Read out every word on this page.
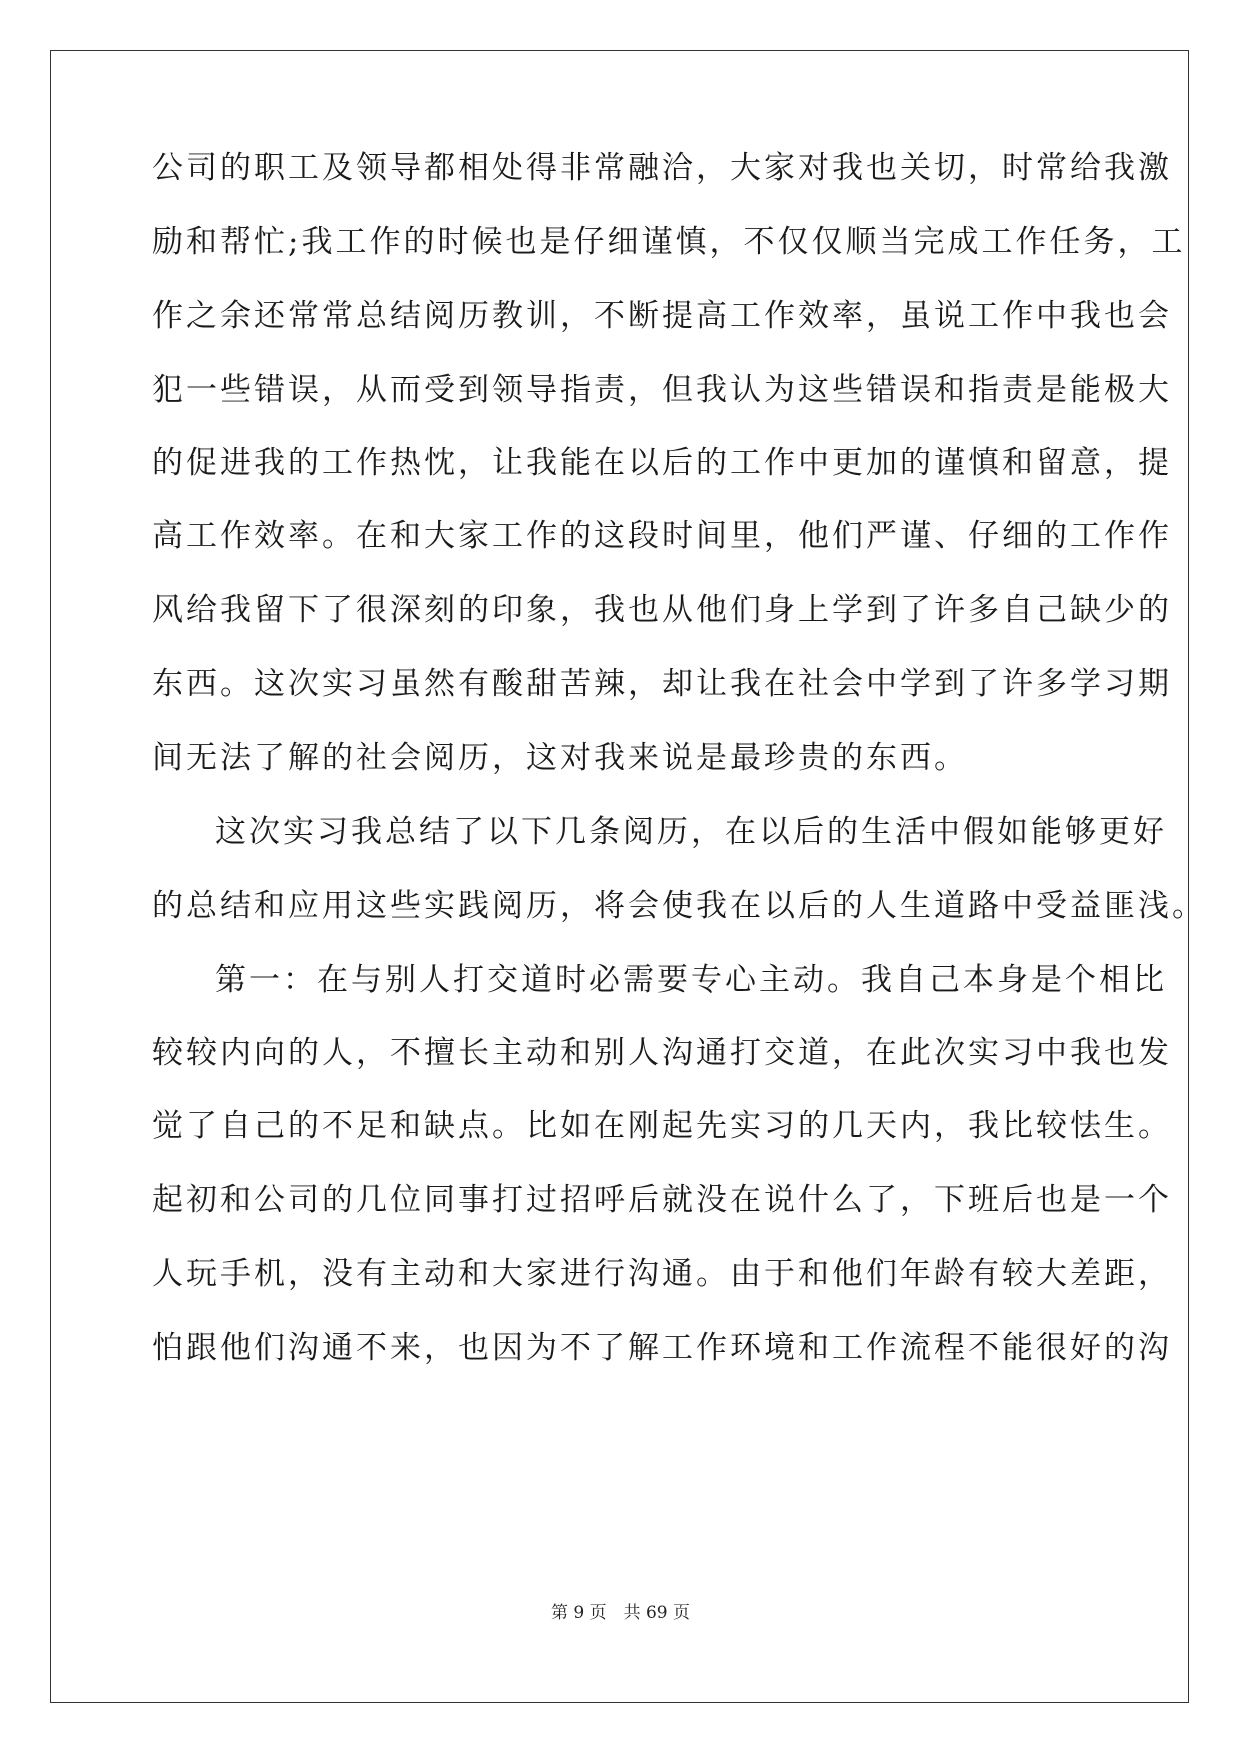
公司的职工及领导都相处得非常融洽，大家对我也关切，时常给我激
励和帮忙;我工作的时候也是仔细谨慎，不仅仅顺当完成工作任务，工
作之余还常常总结阅历教训，不断提高工作效率，虽说工作中我也会
犯一些错误，从而受到领导指责，但我认为这些错误和指责是能极大
的促进我的工作热忱，让我能在以后的工作中更加的谨慎和留意，提
高工作效率。在和大家工作的这段时间里，他们严谨、仔细的工作作
风给我留下了很深刻的印象，我也从他们身上学到了许多自己缺少的
东西。这次实习虽然有酸甜苦辣，却让我在社会中学到了许多学习期
间无法了解的社会阅历，这对我来说是最珍贵的东西。
这次实习我总结了以下几条阅历，在以后的生活中假如能够更好
的总结和应用这些实践阅历，将会使我在以后的人生道路中受益匪浅。
第一：在与别人打交道时必需要专心主动。我自己本身是个相比
较较内向的人，不擅长主动和别人沟通打交道，在此次实习中我也发
觉了自己的不足和缺点。比如在刚起先实习的几天内，我比较怯生。
起初和公司的几位同事打过招呼后就没在说什么了，下班后也是一个
人玩手机，没有主动和大家进行沟通。由于和他们年龄有较大差距，
怕跟他们沟通不来，也因为不了解工作环境和工作流程不能很好的沟
第 9 页　共 69 页
